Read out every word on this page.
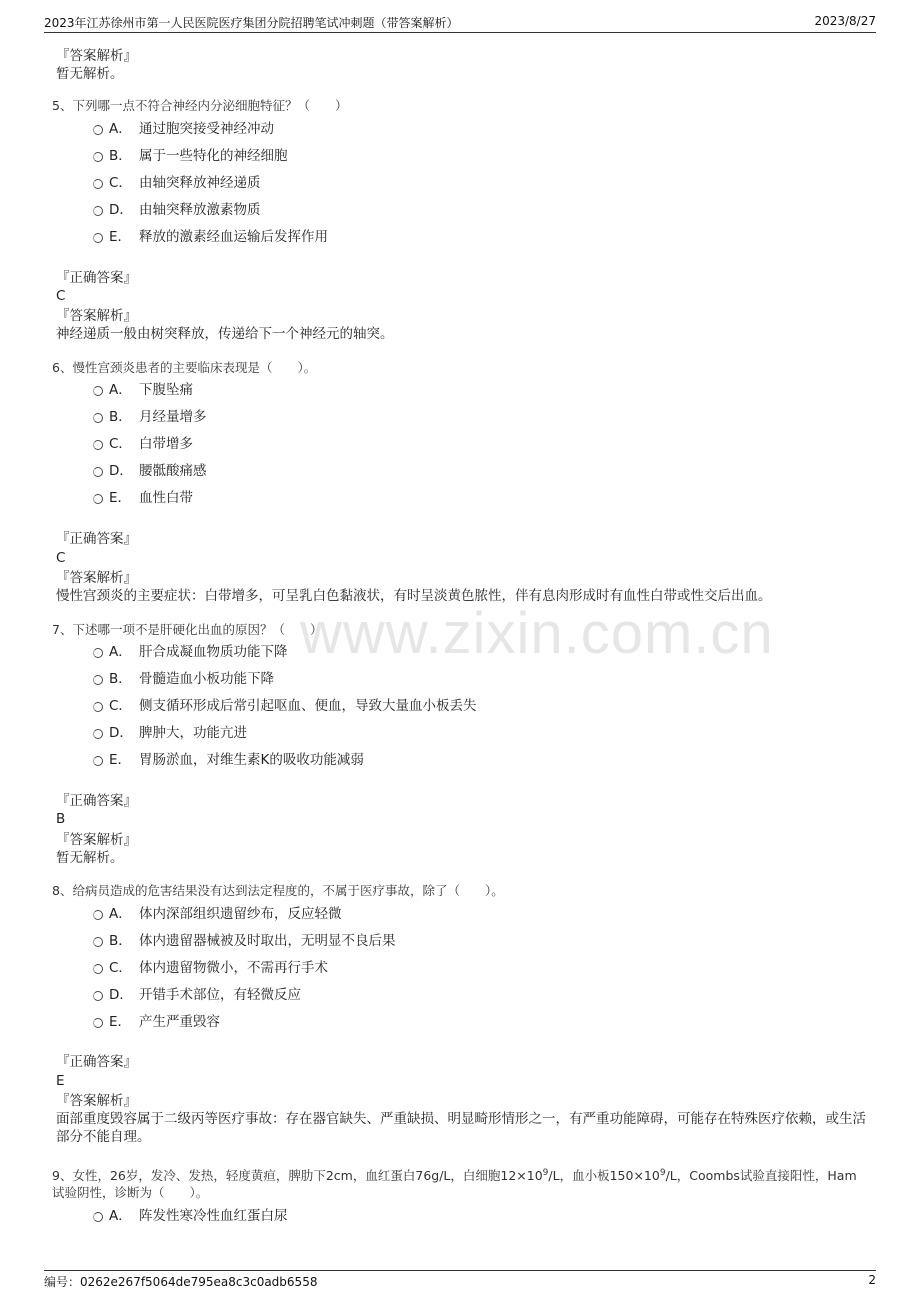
2023年江苏徐州市第一人民医院医疗集团分院招聘笔试冲刺题（带答案解析）	2023/8/27
www.zixin.com.cn
『答案解析』
暂无解析。
5、下列哪一点不符合神经内分泌细胞特征？（　　）
A． 通过胞突接受神经冲动
B． 属于一些特化的神经细胞
C． 由轴突释放神经递质
D． 由轴突释放激素物质
E． 释放的激素经血运输后发挥作用
『正确答案』
C
『答案解析』
神经递质一般由树突释放，传递给下一个神经元的轴突。
6、慢性宫颈炎患者的主要临床表现是（　　）。
A． 下腹坠痛
B． 月经量增多
C． 白带增多
D． 腰骶酸痛感
E． 血性白带
『正确答案』
C
『答案解析』
慢性宫颈炎的主要症状：白带增多，可呈乳白色黏液状，有时呈淡黄色脓性，伴有息肉形成时有血性白带或性交后出血。
7、下述哪一项不是肝硬化出血的原因？（　　）
A． 肝合成凝血物质功能下降
B． 骨髓造血小板功能下降
C． 侧支循环形成后常引起呕血、便血，导致大量血小板丢失
D． 脾肿大，功能亢进
E． 胃肠淤血，对维生素K的吸收功能减弱
『正确答案』
B
『答案解析』
暂无解析。
8、给病员造成的危害结果没有达到法定程度的，不属于医疗事故，除了（　　）。
A． 体内深部组织遗留纱布，反应轻微
B． 体内遗留器械被及时取出，无明显不良后果
C． 体内遗留物微小，不需再行手术
D． 开错手术部位，有轻微反应
E． 产生严重毁容
『正确答案』
E
『答案解析』
面部重度毁容属于二级丙等医疗事故：存在器官缺失、严重缺损、明显畸形情形之一，有严重功能障碍，可能存在特殊医疗依赖，或生活部分不能自理。
9、女性，26岁，发冷、发热，轻度黄疸，脾肋下2cm，血红蛋白76g/L，白细胞$12\times 10^9/L$，血小板$150\times 10^9/L$，Coombs试验直接阳性，Ham
试验阴性，诊断为（　　）。
A． 阵发性寒冷性血红蛋白尿
编号：0262e267f5064de795ea8c3c0adb6558	2
